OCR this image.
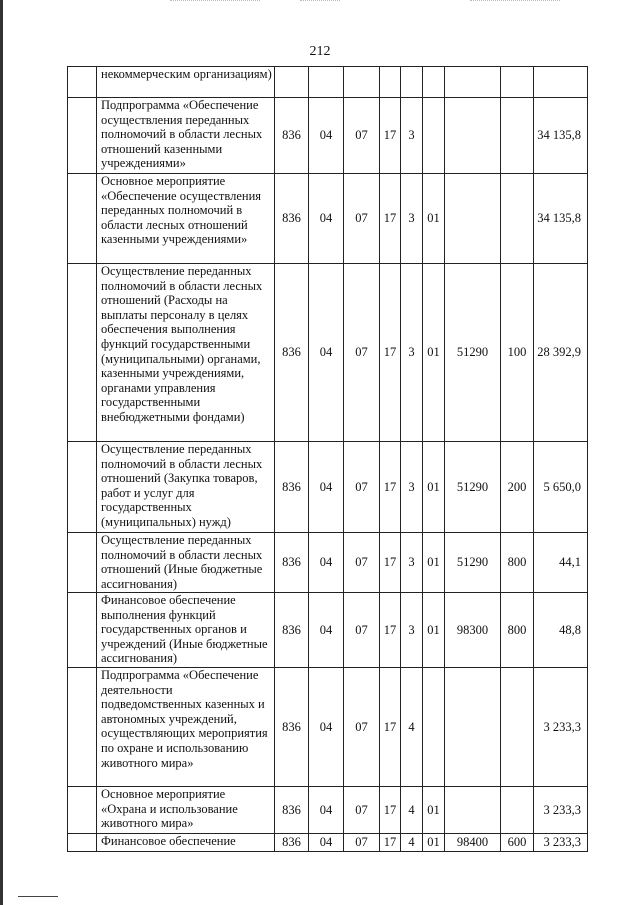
212
	некоммерческим организациям)									
	Подпрограмма «Обеспечение осуществления переданных полномочий в области лесных отношений казенными учреждениями»	836	04	07	17	3				34 135,8
	Основное мероприятие «Обеспечение осуществления переданных полномочий в области лесных отношений казенными учреждениями»	836	04	07	17	3	01			34 135,8
	Осуществление переданных полномочий в области лесных отношений (Расходы на выплаты персоналу в целях обеспечения выполнения функций государственными (муниципальными) органами, казенными учреждениями, органами управления государственными внебюджетными фондами)	836	04	07	17	3	01	51290	100	28 392,9
	Осуществление переданных полномочий в области лесных отношений (Закупка товаров, работ и услуг для государственных (муниципальных) нужд)	836	04	07	17	3	01	51290	200	5 650,0
	Осуществление переданных полномочий в области лесных отношений (Иные бюджетные ассигнования)	836	04	07	17	3	01	51290	800	44,1
	Финансовое обеспечение выполнения функций государственных органов и учреждений (Иные бюджетные ассигнования)	836	04	07	17	3	01	98300	800	48,8
	Подпрограмма «Обеспечение деятельности подведомственных казенных и автономных учреждений, осуществляющих мероприятия по охране и использованию животного мира»	836	04	07	17	4				3 233,3
	Основное мероприятие «Охрана и использование животного мира»	836	04	07	17	4	01			3 233,3
	Финансовое обеспечение	836	04	07	17	4	01	98400	600	3 233,3
